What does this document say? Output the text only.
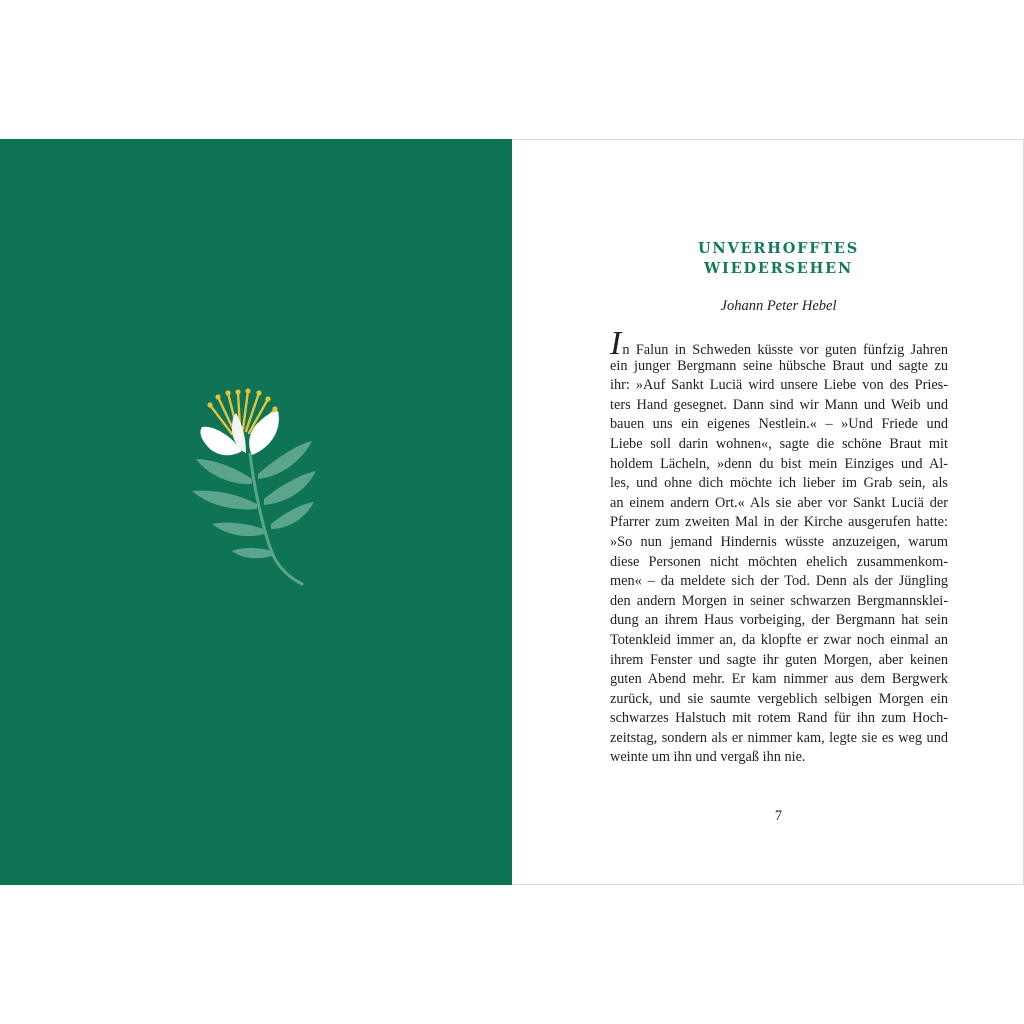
UNVERHOFFTES
WIEDERSEHEN
Johann Peter Hebel
In Falun in Schweden küsste vor guten fünfzig Jahren
ein junger Bergmann seine hübsche Braut und sagte zu
ihr: »Auf Sankt Luciä wird unsere Liebe von des Pries-
ters Hand gesegnet. Dann sind wir Mann und Weib und
bauen uns ein eigenes Nestlein.« – »Und Friede und
Liebe soll darin wohnen«, sagte die schöne Braut mit
holdem Lächeln, »denn du bist mein Einziges und Al-
les, und ohne dich möchte ich lieber im Grab sein, als
an einem andern Ort.« Als sie aber vor Sankt Luciä der
Pfarrer zum zweiten Mal in der Kirche ausgerufen hatte:
»So nun jemand Hindernis wüsste anzuzeigen, warum
diese Personen nicht möchten ehelich zusammenkom-
men« – da meldete sich der Tod. Denn als der Jüngling
den andern Morgen in seiner schwarzen Bergmannsklei-
dung an ihrem Haus vorbeiging, der Bergmann hat sein
Totenkleid immer an, da klopfte er zwar noch einmal an
ihrem Fenster und sagte ihr guten Morgen, aber keinen
guten Abend mehr. Er kam nimmer aus dem Bergwerk
zurück, und sie saumte vergeblich selbigen Morgen ein
schwarzes Halstuch mit rotem Rand für ihn zum Hoch-
zeitstag, sondern als er nimmer kam, legte sie es weg und
weinte um ihn und vergaß ihn nie.
7
